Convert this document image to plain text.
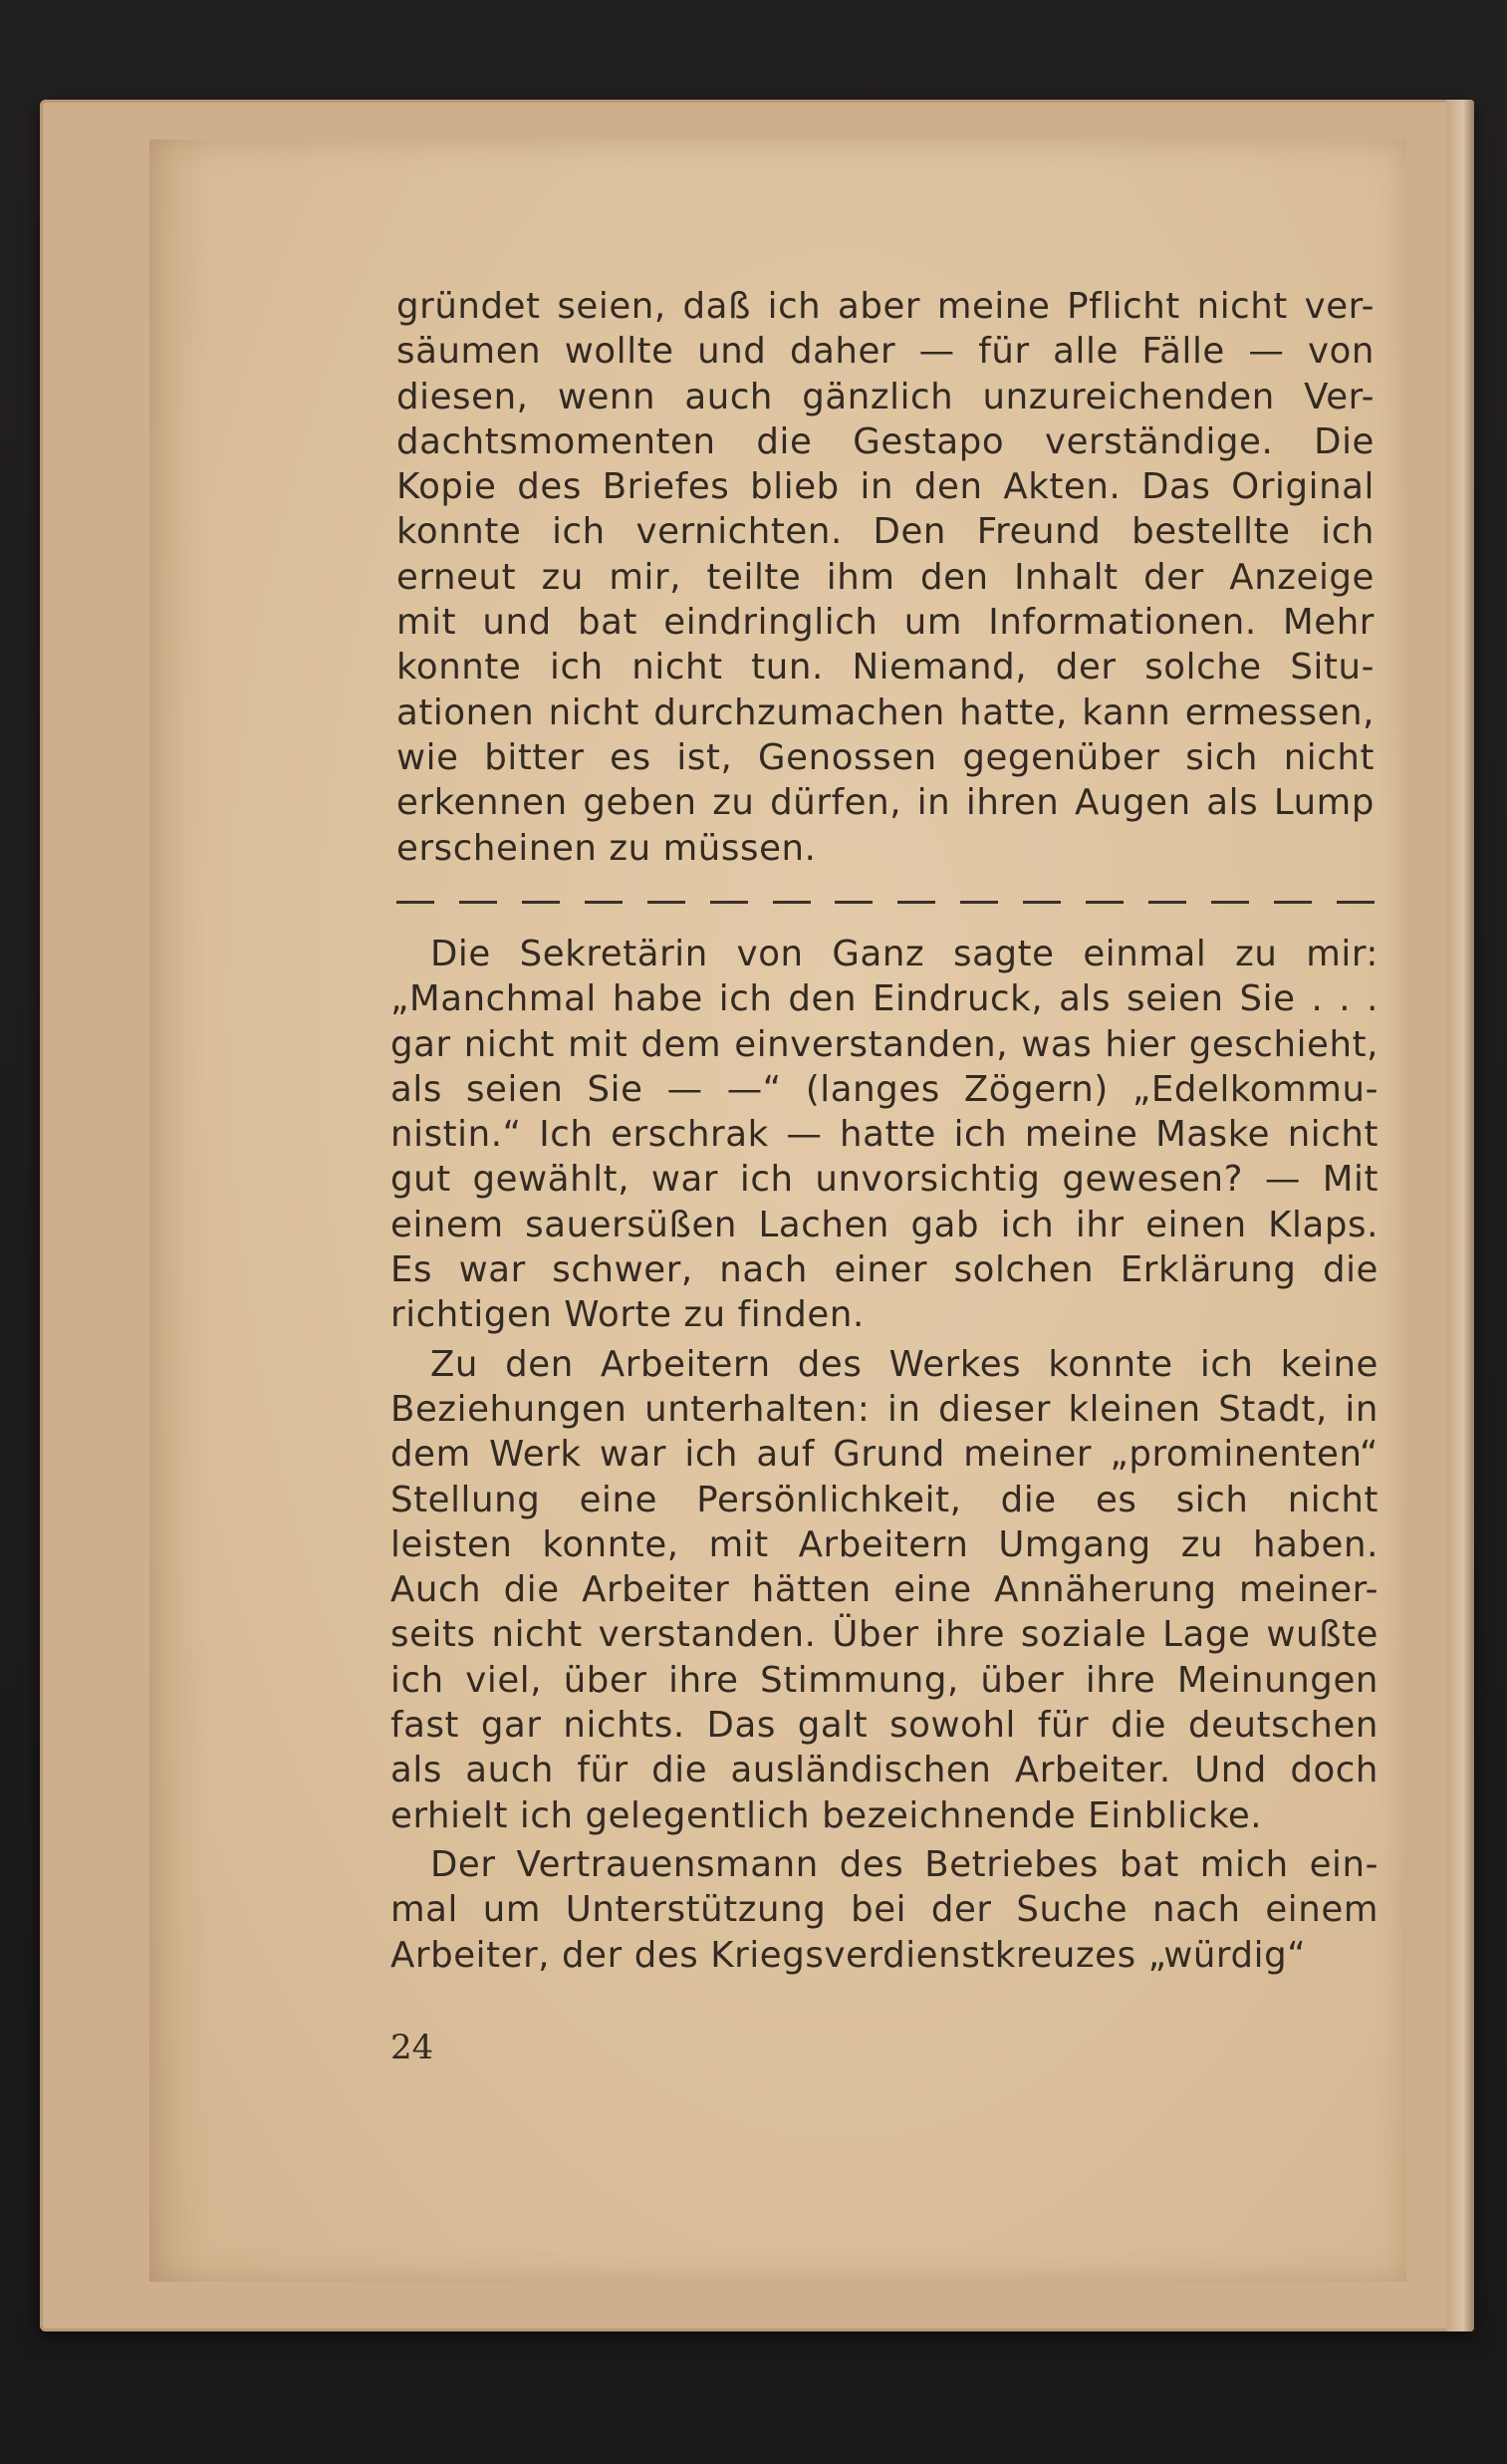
gründet seien, daß ich aber meine Pflicht nicht ver-
säumen wollte und daher — für alle Fälle — von
diesen, wenn auch gänzlich unzureichenden Ver-
dachtsmomenten die Gestapo verständige. Die
Kopie des Briefes blieb in den Akten. Das Original
konnte ich vernichten. Den Freund bestellte ich
erneut zu mir, teilte ihm den Inhalt der Anzeige
mit und bat eindringlich um Informationen. Mehr
konnte ich nicht tun. Niemand, der solche Situ-
ationen nicht durchzumachen hatte, kann ermessen,
wie bitter es ist, Genossen gegenüber sich nicht
erkennen geben zu dürfen, in ihren Augen als Lump
erscheinen zu müssen.
Die Sekretärin von Ganz sagte einmal zu mir:
„Manchmal habe ich den Eindruck, als seien Sie . . .
gar nicht mit dem einverstanden, was hier geschieht,
als seien Sie — —“ (langes Zögern) „Edelkommu-
nistin.“ Ich erschrak — hatte ich meine Maske nicht
gut gewählt, war ich unvorsichtig gewesen? — Mit
einem sauersüßen Lachen gab ich ihr einen Klaps.
Es war schwer, nach einer solchen Erklärung die
richtigen Worte zu finden.
Zu den Arbeitern des Werkes konnte ich keine
Beziehungen unterhalten: in dieser kleinen Stadt, in
dem Werk war ich auf Grund meiner „prominenten“
Stellung eine Persönlichkeit, die es sich nicht
leisten konnte, mit Arbeitern Umgang zu haben.
Auch die Arbeiter hätten eine Annäherung meiner-
seits nicht verstanden. Über ihre soziale Lage wußte
ich viel, über ihre Stimmung, über ihre Meinungen
fast gar nichts. Das galt sowohl für die deutschen
als auch für die ausländischen Arbeiter. Und doch
erhielt ich gelegentlich bezeichnende Einblicke.
Der Vertrauensmann des Betriebes bat mich ein-
mal um Unterstützung bei der Suche nach einem
Arbeiter, der des Kriegsverdienstkreuzes „würdig“
24
